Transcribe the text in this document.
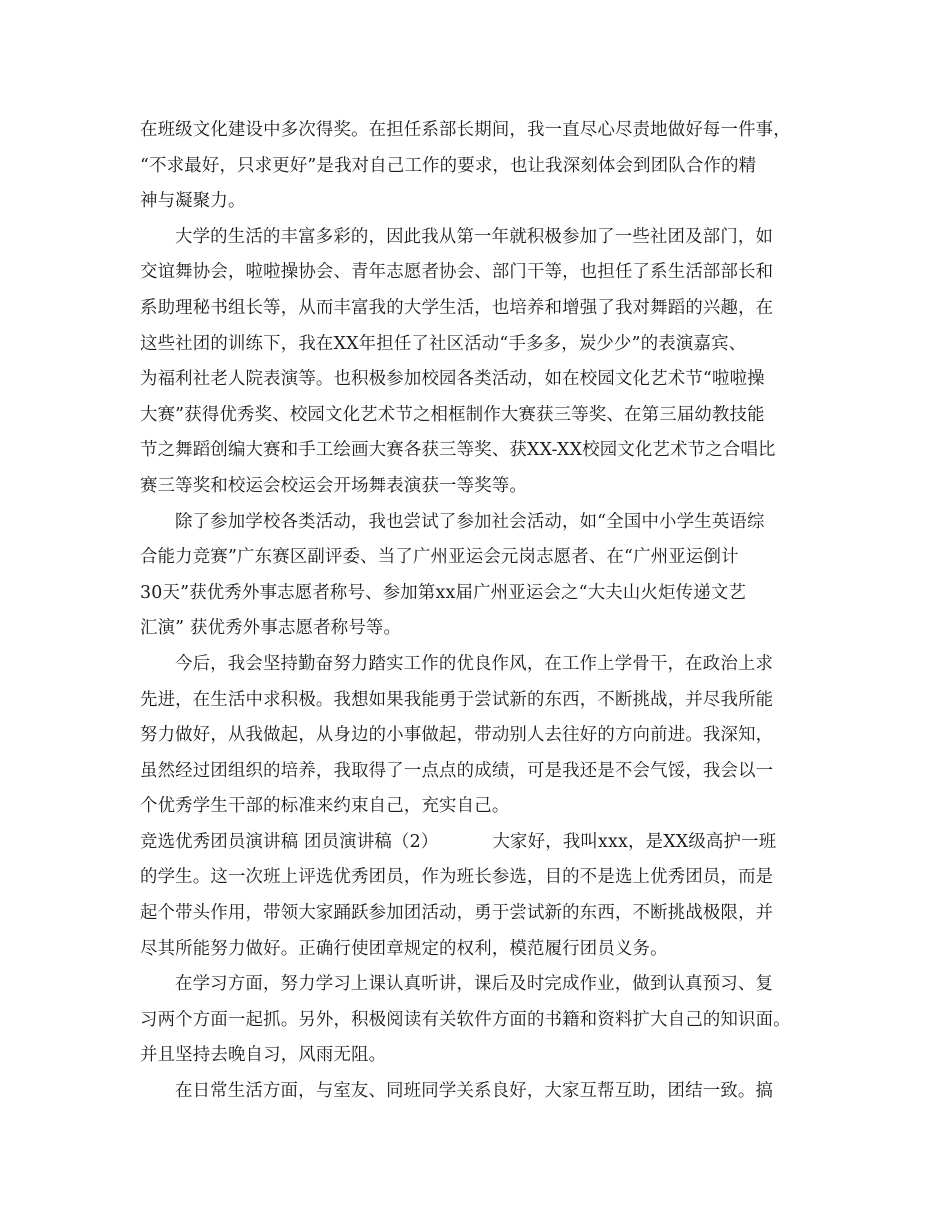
在班级文化建设中多次得奖。在担任系部长期间，我一直尽心尽责地做好每一件事，
“不求最好，只求更好”是我对自己工作的要求，也让我深刻体会到团队合作的精
神与凝聚力。
大学的生活的丰富多彩的，因此我从第一年就积极参加了一些社团及部门，如
交谊舞协会，啦啦操协会、青年志愿者协会、部门干等，也担任了系生活部部长和
系助理秘书组长等，从而丰富我的大学生活，也培养和增强了我对舞蹈的兴趣，在
这些社团的训练下，我在XX年担任了社区活动“手多多，炭少少”的表演嘉宾、
为福利社老人院表演等。也积极参加校园各类活动，如在校园文化艺术节“啦啦操
大赛”获得优秀奖、校园文化艺术节之相框制作大赛获三等奖、在第三届幼教技能
节之舞蹈创编大赛和手工绘画大赛各获三等奖、获XX-XX校园文化艺术节之合唱比
赛三等奖和校运会校运会开场舞表演获一等奖等。
除了参加学校各类活动，我也尝试了参加社会活动，如“全国中小学生英语综
合能力竞赛”广东赛区副评委、当了广州亚运会元岗志愿者、在“广州亚运倒计
30天”获优秀外事志愿者称号、参加第xx届广州亚运会之“大夫山火炬传递文艺
汇演” 获优秀外事志愿者称号等。
今后，我会坚持勤奋努力踏实工作的优良作风，在工作上学骨干，在政治上求
先进，在生活中求积极。我想如果我能勇于尝试新的东西，不断挑战，并尽我所能
努力做好，从我做起，从身边的小事做起，带动别人去往好的方向前进。我深知，
虽然经过团组织的培养，我取得了一点点的成绩，可是我还是不会气馁，我会以一
个优秀学生干部的标准来约束自己，充实自己。
竞选优秀团员演讲稿 团员演讲稿（2）	大家好，我叫xxx，是XX级高护一班
的学生。这一次班上评选优秀团员，作为班长参选，目的不是选上优秀团员，而是
起个带头作用，带领大家踊跃参加团活动，勇于尝试新的东西，不断挑战极限，并
尽其所能努力做好。正确行使团章规定的权利，模范履行团员义务。
在学习方面，努力学习上课认真听讲，课后及时完成作业，做到认真预习、复
习两个方面一起抓。另外，积极阅读有关软件方面的书籍和资料扩大自己的知识面。
并且坚持去晚自习，风雨无阻。
在日常生活方面，与室友、同班同学关系良好，大家互帮互助，团结一致。搞
